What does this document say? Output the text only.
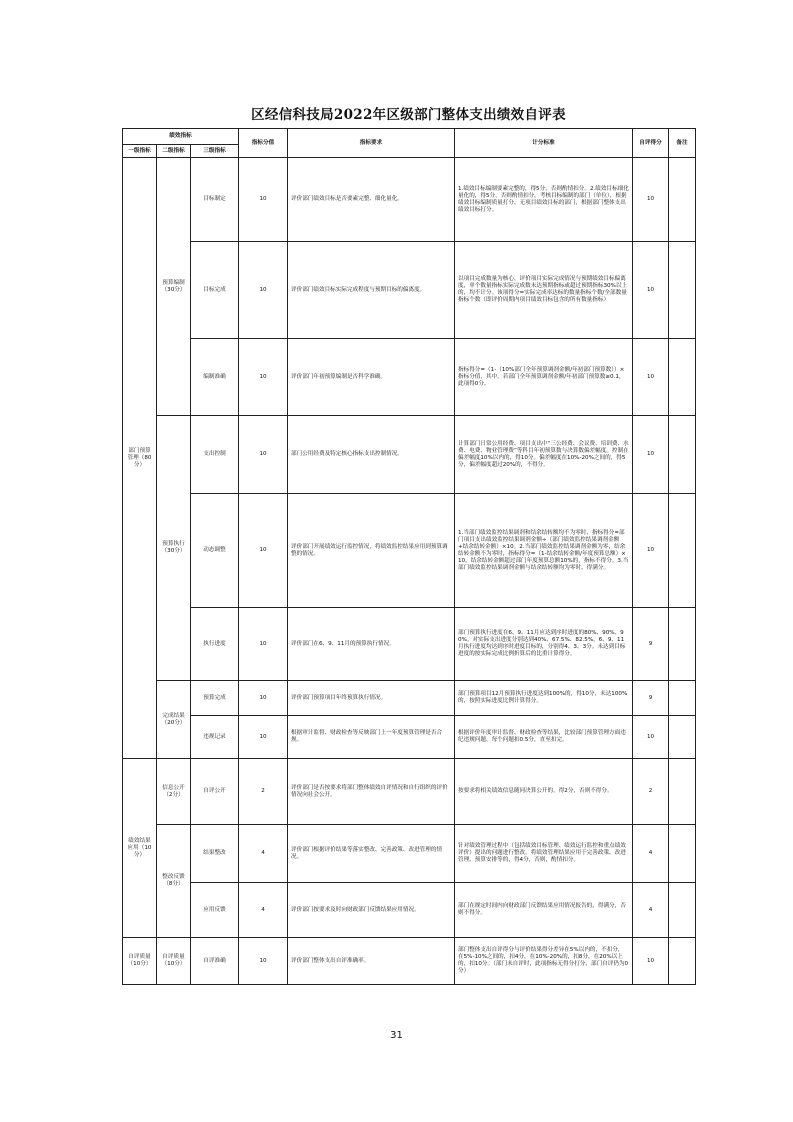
区经信科技局2022年区级部门整体支出绩效自评表
绩效指标			指标分值	指标要求	计分标准	自评得分	备注
一级指标	二级指标	三级指标					
部门预算管理（80分）	预算编制（30分）	目标制定	10	评价部门绩效目标是否要素完整、细化量化。	1.绩效目标编制要素完整的，得5分，否则酌情扣分。2.绩效目标细化量化的，得5分，否则酌情扣分。考核目标编制的部门（单位），根据绩效目标编制质量打分，无项目绩效目标的部门，根据部门整体支出绩效目标打分。	10	
		目标完成	10	评价部门绩效目标实际完成程度与预期目标的偏离度。	以项目完成数量为核心，评价项目实际完成情况与预期绩效目标偏离度，单个数量指标实际完成数未达预期指标或超过预期指标30%以上的，均不计分。该项得分=实际完成率达标的数量指标个数/全部数量指标个数（即评价周期内项目绩效目标包含的所有数量指标）	10	
		编制准确	10	评价部门年初预算编制是否科学准确。	指标得分=（1-（10%部门全年预算调剂金额/年初部门预算数））×指标分值，其中，若部门全年预算调剂金额/年初部门预算数≥0.1，此项得0分。	10	
	预算执行（30分）	支出控制	10	部门公用经费及特定核心指标支出控制情况。	计算部门日常公用经费、项目支出中“三公经费、会议费、培训费、水费、电费、物业管理费”等科目年初预算数与决算数偏差幅度。控制在偏差幅度10%以内的，得10分。偏差幅度在10%-20%之间的，得5分，偏差幅度超过20%的，不得分。	10	
		动态调整	10	评价部门开展绩效运行监控情况，将绩效监控结果应用到预算调整的情况。	1.当部门绩效监控结果调剂和结余结转额均不为零时，指标得分=部门项目支出绩效监控结果调剂金额÷（部门绩效监控结果调剂金额+结余结转金额）×10。2.当部门绩效监控结果调剂金额为零，结余结转金额不为零时，指标得分=（1-结余结转金额/年度预算总额）×10，结余结转金额超过部门年度预算总额10%的，指标不得分。3.当部门绩效监控结果调剂金额与结余结转额均为零时，得满分。	10	
		执行进度	10	评价部门在6、9、11月的预算执行情况。	部门预算执行进度在6、9、11月应达到序时进度的80%、90%、90%。对实际支出进度分别达到40%、67.5%、82.5%，6、9、11月执行进度均达到序时进度目标的，分别得4、3、3分。未达到目标进度的按实际完成比例折算后的比重计算得分。	9	
	完成结果（20分）	预算完成	10	评价部门预算项目年终预算执行情况。	部门预算项目12月预算执行进度达到100%的，得10分，未达100%的，按照实际进度比例计算得分。	9	
		违规记录	10	根据审计监督、财政检查等反映部门上一年度预算管理是否合规。	根据评价年度审计监督、财政检查等结果，比较部门预算管理方面违纪违规问题，每个问题扣0.5分，直至扣完。	10	
绩效结果应用（10分）	信息公开（2分）	自评公开	2	评价部门是否按要求将部门整体绩效自评情况和自行组织的评价情况向社会公开。	按要求将相关绩效信息随同决算公开的，得2分，否则不得分。	2	
	整改反馈（8分）	结果整改	4	评价部门根据评价结果等落实整改、完善政策、改进管理的情况。	针对绩效管理过程中（包括绩效目标管理、绩效运行监控和重点绩效评价）提出的问题进行整改，将绩效管理结果应用于完善政策、改进管理、预算安排等的，得4分，否则，酌情扣分。	4	
		应用反馈	4	评价部门按要求及时向财政部门反馈结果应用情况。	部门在规定时间内向财政部门反馈结果应用情况报告的，得满分，否则不得分。	4	
自评质量（10分）	自评质量（10分）	自评准确	10	评价部门整体支出自评准确率。	部门整体支出自评得分与评价结果得分差异在5%以内的，不扣分，在5%-10%之间的，扣4分，在10%-20%的，扣8分，在20%以上的，扣10分。（部门未自评时，此项指标无得分打分，部门自评仍为0分）	10	
31
